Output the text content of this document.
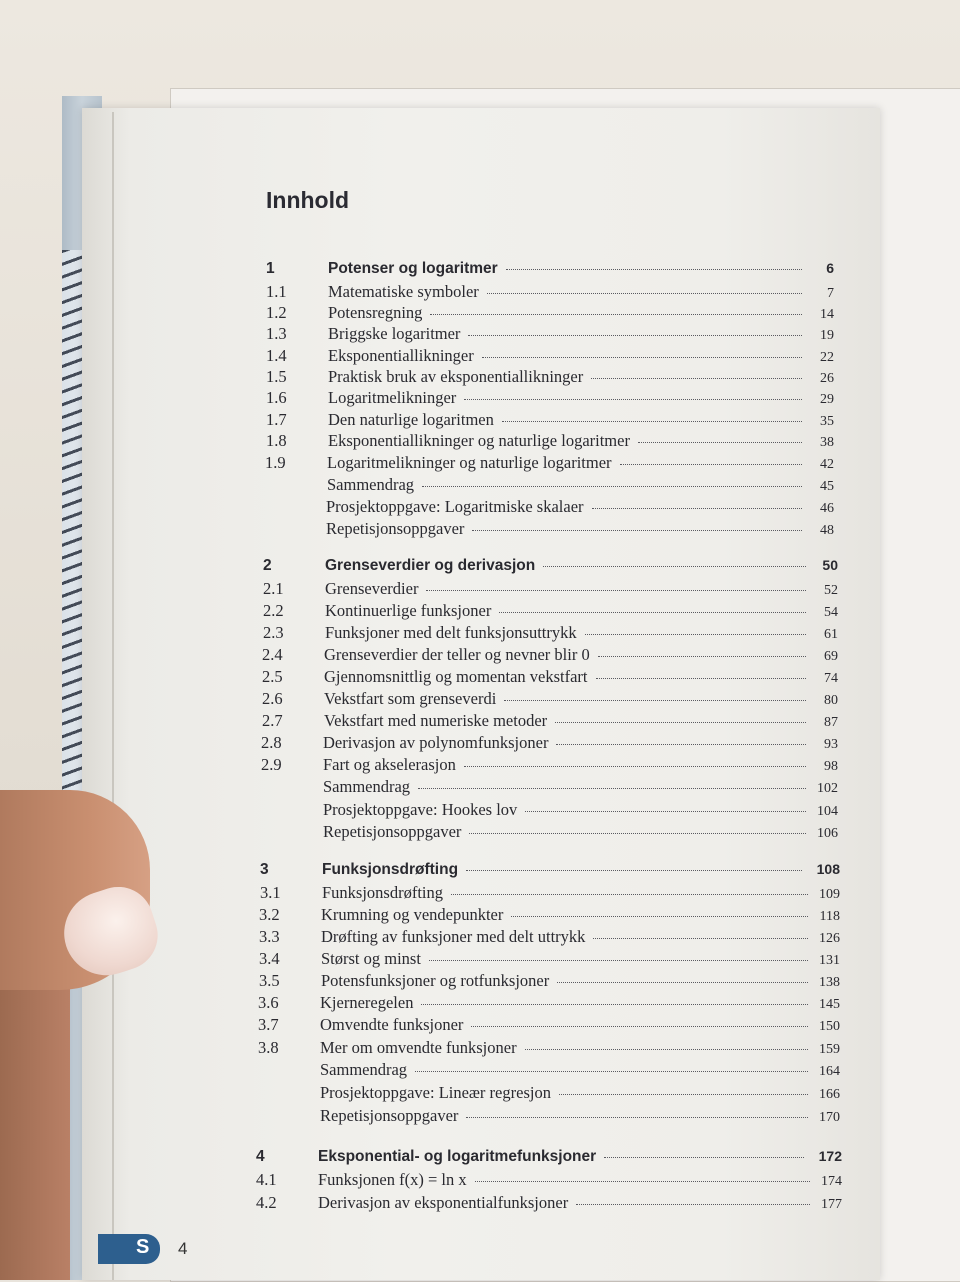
Innhold
1	Potenser og logaritmer	6
1.1	Matematiske symboler	7
1.2	Potensregning	14
1.3	Briggske logaritmer	19
1.4	Eksponentiallikninger	22
1.5	Praktisk bruk av eksponentiallikninger	26
1.6	Logaritmelikninger	29
1.7	Den naturlige logaritmen	35
1.8	Eksponentiallikninger og naturlige logaritmer	38
1.9	Logaritmelikninger og naturlige logaritmer	42
Sammendrag	45
Prosjektoppgave: Logaritmiske skalaer	46
Repetisjonsoppgaver	48
2	Grenseverdier og derivasjon	50
2.1	Grenseverdier	52
2.2	Kontinuerlige funksjoner	54
2.3	Funksjoner med delt funksjonsuttrykk	61
2.4	Grenseverdier der teller og nevner blir 0	69
2.5	Gjennomsnittlig og momentan vekstfart	74
2.6	Vekstfart som grenseverdi	80
2.7	Vekstfart med numeriske metoder	87
2.8	Derivasjon av polynomfunksjoner	93
2.9	Fart og akselerasjon	98
Sammendrag	102
Prosjektoppgave: Hookes lov	104
Repetisjonsoppgaver	106
3	Funksjonsdrøfting	108
3.1	Funksjonsdrøfting	109
3.2	Krumning og vendepunkter	118
3.3	Drøfting av funksjoner med delt uttrykk	126
3.4	Størst og minst	131
3.5	Potensfunksjoner og rotfunksjoner	138
3.6	Kjerneregelen	145
3.7	Omvendte funksjoner	150
3.8	Mer om omvendte funksjoner	159
Sammendrag	164
Prosjektoppgave: Lineær regresjon	166
Repetisjonsoppgaver	170
4	Eksponential- og logaritmefunksjoner	172
4.1	Funksjonen f(x) = ln x	174
4.2	Derivasjon av eksponentialfunksjoner	177
S 4
